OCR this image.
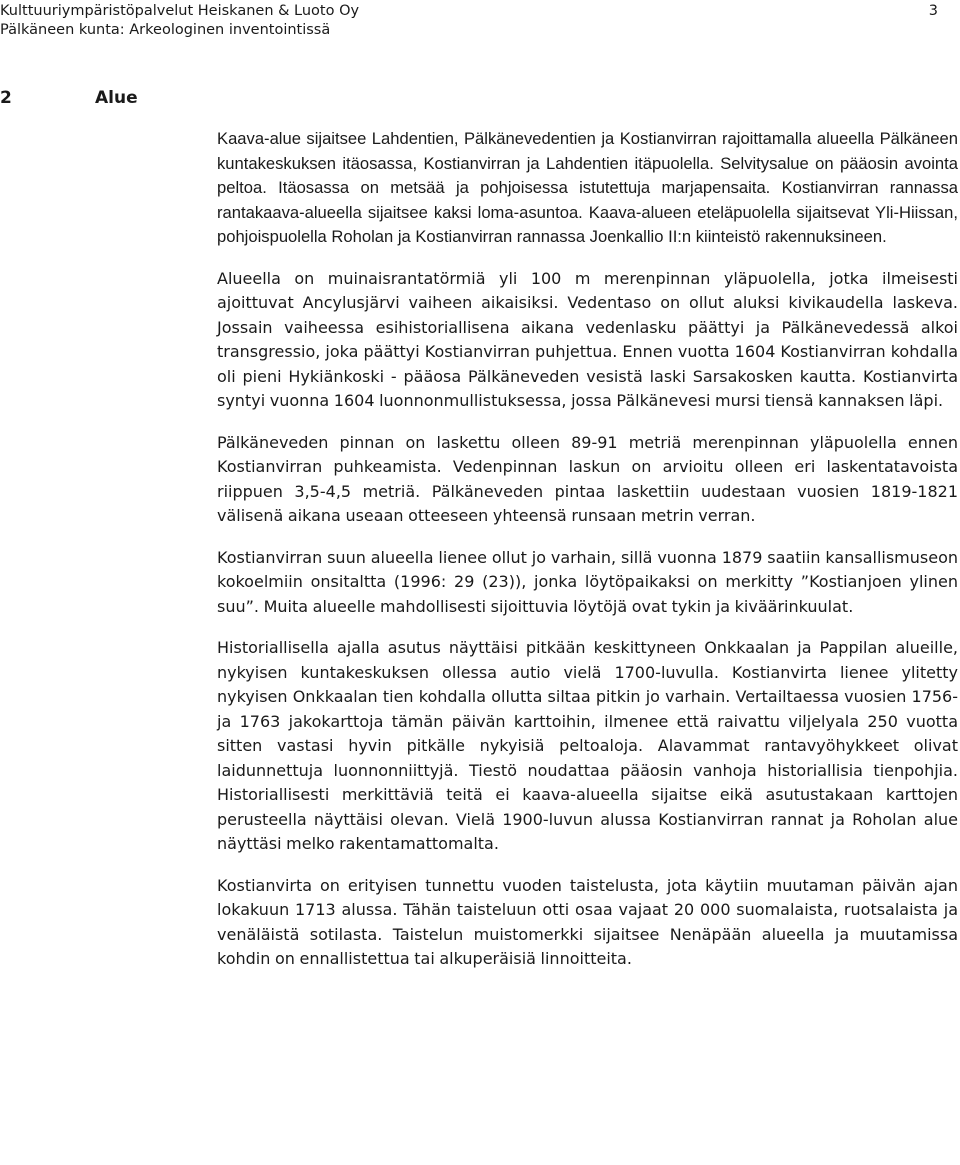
Kulttuuriympäristöpalvelut Heiskanen & Luoto Oy
Pälkäneen kunta: Arkeologinen inventointissä
3
2	Alue

Kaava-alue sijaitsee Lahdentien, Pälkänevedentien ja Kostianvirran rajoittamalla alueella Pälkäneen kuntakeskuksen itäosassa, Kostianvirran ja Lahdentien itäpuolella. Selvitysalue on pääosin avointa peltoa. Itäosassa on metsää ja pohjoisessa istutettuja marjapensaita. Kostianvirran rannassa rantakaava-alueella sijaitsee kaksi loma-asuntoa. Kaava-alueen eteläpuolella sijaitsevat Yli-Hiissan, pohjoispuolella Roholan ja Kostianvirran rannassa Joenkallio II:n kiinteistö rakennuksineen.

Alueella on muinaisrantatörmiä yli 100 m merenpinnan yläpuolella, jotka ilmeisesti ajoittuvat Ancylusjärvi vaiheen aikaisiksi. Vedentaso on ollut aluksi kivikaudella laskeva. Jossain vaiheessa esihistoriallisena aikana vedenlasku päättyi ja Pälkänevedessä alkoi transgressio, joka päättyi Kostianvirran puhjettua. Ennen vuotta 1604 Kostianvirran kohdalla oli pieni Hykiänkoski - pääosa Pälkäneveden vesistä laski Sarsakosken kautta. Kostianvirta syntyi vuonna 1604 luonnonmullistuksessa, jossa Pälkänevesi mursi tiensä kannaksen läpi.

Pälkäneveden pinnan on laskettu olleen 89‑91 metriä merenpinnan yläpuolella ennen Kostianvirran puhkeamista. Vedenpinnan laskun on arvioitu olleen eri laskentatavoista riippuen 3,5‑4,5 metriä. Pälkäneveden pintaa laskettiin uudestaan vuosien 1819-1821 välisenä aikana useaan otteeseen yhteensä runsaan metrin verran.

Kostianvirran suun alueella lienee ollut jo varhain, sillä vuonna 1879 saatiin kansallismuseon kokoelmiin onsitaltta (1996: 29 (23)), jonka löytöpaikaksi on merkitty ”Kostianjoen ylinen suu”. Muita alueelle mahdollisesti sijoittuvia löytöjä ovat tykin ja kiväärinkuulat.

Historiallisella ajalla asutus näyttäisi pitkään keskittyneen Onkkaalan ja Pappilan alueille, nykyisen kuntakeskuksen ollessa autio vielä 1700-luvulla. Kostianvirta lienee ylitetty nykyisen Onkkaalan tien kohdalla ollutta siltaa pitkin jo varhain. Vertailtaessa vuosien 1756- ja 1763 jakokarttoja tämän päivän karttoihin, ilmenee että raivattu viljelyala 250 vuotta sitten vastasi hyvin pitkälle nykyisiä peltoaloja. Alavammat rantavyöhykkeet olivat laidunnettuja luonnonniittyjä. Tiestö noudattaa pääosin vanhoja historiallisia tienpohjia. Historiallisesti merkittäviä teitä ei kaava-alueella sijaitse eikä asutustakaan karttojen perusteella näyttäisi olevan. Vielä 1900-luvun alussa Kostianvirran rannat ja Roholan alue näyttäsi melko rakentamattomalta.

Kostianvirta on erityisen tunnettu vuoden taistelusta, jota käytiin muutaman päivän ajan lokakuun 1713 alussa. Tähän taisteluun otti osaa vajaat 20 000 suomalaista, ruotsalaista ja venäläistä sotilasta. Taistelun muistomerkki sijaitsee Nenäpään alueella ja muutamissa kohdin on ennallistettua tai alkuperäisiä linnoitteita.
